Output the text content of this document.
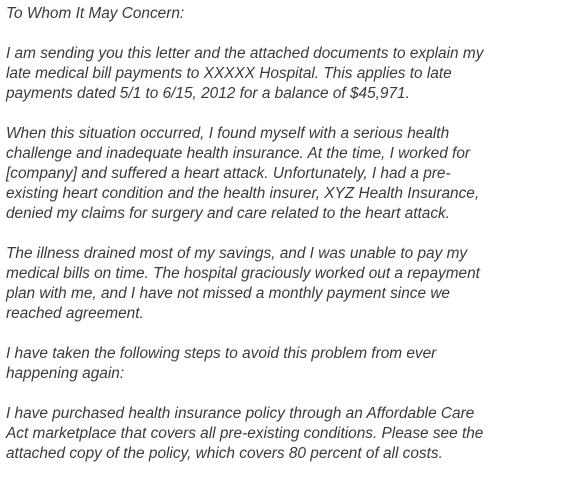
To Whom It May Concern:

I am sending you this letter and the attached documents to explain my
late medical bill payments to XXXXX Hospital. This applies to late
payments dated 5/1 to 6/15, 2012 for a balance of $45,971.

When this situation occurred, I found myself with a serious health
challenge and inadequate health insurance. At the time, I worked for
[company] and suffered a heart attack. Unfortunately, I had a pre-
existing heart condition and the health insurer, XYZ Health Insurance,
denied my claims for surgery and care related to the heart attack.

The illness drained most of my savings, and I was unable to pay my
medical bills on time. The hospital graciously worked out a repayment
plan with me, and I have not missed a monthly payment since we
reached agreement.

I have taken the following steps to avoid this problem from ever
happening again:

I have purchased health insurance policy through an Affordable Care
Act marketplace that covers all pre-existing conditions. Please see the
attached copy of the policy, which covers 80 percent of all costs.
